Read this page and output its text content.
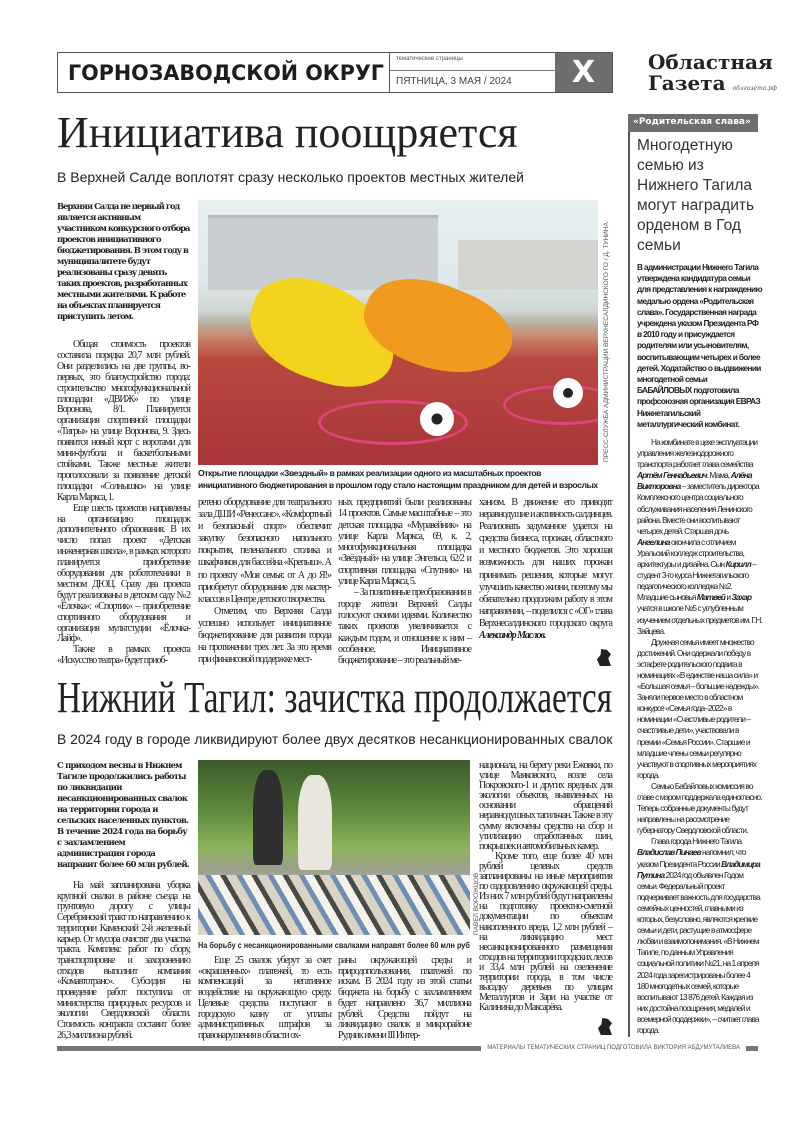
ГОРНОЗАВОДСКОЙ ОКРУГ
тематические страницы
ПЯТНИЦА, 3 МАЯ / 2024	X	Областная
Газета облгазета.рф
Инициатива поощряется
В Верхней Салде воплотят сразу несколько проектов местных жителей
Верхняя Салда не первый год является активным участником конкурсного отбора проектов инициативного бюджетирования. В этом году в муниципалитете будут реализованы сразу девять таких проектов, разработанных местными жителями. К работе на объектах планируется приступить летом.	ПРЕСС-СЛУЖБА АДМИНИСТРАЦИИ ВЕРХНЕСАЛДИНСКОГО ГО / Д. ТУНИНА
Открытие площадки «Звездный» в рамках реализации одного из масштабных проектов инициативного бюджетирования в прошлом году стало настоящим праздником для детей и взрослых

Общая стоимость проектов составила порядка 20,7 млн рублей. Они разделились на две группы, во-первых, это благоустройство города: строительство многофункциональной площадки «ДВИЖ» по улице Воронова, 8/1. Планируется организация спортивной площадки «Тигры» на улице Воронова, 9. Здесь появится новый корт с воротами для мини-футбола и баскетбольными стойками. Также местные жители проголосовали за появление детской площадки «Солнышко» на улице Карла Маркса, 1.

Еще шесть проектов направлены на организацию площадок дополнительного образования. В их число попал проект «Детская инженерная школа», в рамках которого планируется приобретение оборудования для робототехники в местном ДЮЦ. Сразу два проекта будут реализованы в детском саду №2 «Ёлочка»: «Спортик» – приобретение спортивного оборудования и организация мультстудии «Ёлочка-Лайф».

Также в рамках проекта «Искусство театра» будет приоб-

ретено оборудование для театрального зала ДШИ «Ренессанс». «Комфортный и безопасный спорт» обеспечит закупку безопасного напольного покрытия, пеленального столика и шкафчиков для бассейна «Крепыш». А по проекту «Моя семья: от А до Я!» приобретут оборудование для мастер-классов в Центре детского творчества.

Отметим, что Верхняя Салда успешно использует инициативное бюджетирование для развития города на протяжении трех лет. За это время при финансовой поддержке мест-

ных предприятий были реализованы 14 проектов. Самые масштабные – это детская площадка «Муравейник» на улице Карла Маркса, 69, к. 2, многофункциональная площадка «Звёздный» на улице Энгельса, 62/2 и спортивная площадка «Спутник» на улице Карла Маркса, 5.

– За позитивные преобразования в городе жители Верхней Салды голосуют своими идеями. Количество таких проектов увеличивается с каждым годом, и отношение к ним – особенное. Инициативное бюджетирование – это реальный ме-

ханизм. В движение его приводят неравнодушие и активность салдинцев. Реализовать задуманное удается на средства бизнеса, горожан, областного и местного бюджетов. Это хорошая возможность для наших горожан принимать решения, которые могут улучшить качество жизни, поэтому мы обязательно продолжим работу в этом направлении, – поделился с «ОГ» глава Верхнесалдинского городского округа Александр Маслов.

Нижний Тагил: зачистка продолжается
В 2024 году в городе ликвидируют более двух десятков несанкционированных свалок
С приходом весны в Нижнем Тагиле продолжились работы по ликвидации несанкционированных свалок на территории города и сельских населенных пунктов. В течение 2024 года на борьбу с захламлением администрация города направит более 60 млн рублей.
ПАВЕЛ ВОРОЖЦОВ
На борьбу с несанкционированными свалками направят более 60 млн руб

На май запланирована уборка крупной свалки в районе съезда на грунтовую дорогу с улицы Серебрянский тракт по направлению к территории Каменский 2-й железный карьер. От мусора очистят два участка тракта. Комплекс работ по сбору, транспортировке и захоронению отходов выполнит компания «Комавтотранс». Субсидия на проведение работ поступила от министерства природных ресурсов и экологии Свердловской области. Стоимость контракта составит более 26,3 миллиона рублей.

Еще 25 свалок уберут за счет «окрашенных» платежей, то есть компенсаций за негативное воздействие на окружающую среду. Целевые средства поступают в городскую казну от уплаты административных штрафов за правонарушения в области ох-

раны окружающей среды и природопользования, платежей по искам. В 2024 году из этой статьи бюджета на борьбу с захламлением будет направлено 36,7 миллиона рублей. Средства пойдут на ликвидацию свалок в микрорайоне Рудник имени III Интер-

национала, на берегу реки Ежовки, по улице Маяковского, возле села Покровского-1 и других вредных для экологии объектов, выявленных на основании обращений неравнодушных тагильчан. Также в эту сумму включены средства на сбор и утилизацию отработанных шин, покрышек и автомобильных камер.

Кроме того, еще более 40 млн рублей целевых средств запланированы на иные мероприятия по оздоровлению окружающей среды. Из них 7 млн рублей будут направлены на подготовку проектно-сметной документации по объектам накопленного вреда, 1,2 млн рублей – на ликвидацию мест несанкционированного размещения отходов на территории городских лесов и 33,4 млн рублей на озеленение территории города, в том числе высадку деревьев по улицам Металлургов и Зари на участке от Калинина до Максарёва.

«Родительская слава»
Многодетную семью из Нижнего Тагила могут наградить орденом в Год семьи
В администрации Нижнего Тагила утверждена кандидатура семьи для представления к награждению медалью ордена «Родительская слава». Государственная награда учреждена указом Президента РФ в 2010 году и присуждается родителям или усыновителям, воспитывающим четырех и более детей. Ходатайство о выдвижении многодетной семьи БАБАЙЛОВЫХ подготовила профсоюзная организация ЕВРАЗ Нижнетагильский металлургический комбинат.

На комбинате в цехе эксплуатации управления железнодорожного транспорта работает глава семейства Артём Геннадьевич. Мама, Алёна Викторовна – заместитель директора Комплексного центра социального обслуживания населения Ленинского района. Вместе они воспитывают четырех детей. Старшая дочь Ангелина окончила с отличием Уральский колледж строительства, архитектуры и дизайна. Сын Кирилл – студент 3-го курса Нижнетагильского педагогического колледжа №2. Младшие сыновья Матвей и Захар учатся в школе №5 с углубленным изучением отдельных предметов им. Г.Н. Зайцева.

Дружная семья имеет множество достижений. Они одержали победу в эстафете родительского подвига в номинациях «В единстве наша сила» и «Большая семья – большие надежды». Заняли первое место в областном конкурсе «Семья года–2022» в номинации «Счастливые родители – счастливые дети», участвовали в премии «Семья России». Старшие и младшие члены семьи регулярно участвуют в спортивных мероприятиях города.

Семью Бабайловых комиссия во главе с мэром поддержала единогласно. Теперь собранные документы будут направлены на рассмотрение губернатору Свердловской области.

Глава города Нижнего Тагила Владислав Пинаев напомнил, что указом Президента России Владимира Путина 2024 год объявлен Годом семьи. Федеральный проект подчеркивает важность для государства семейных ценностей, главными из которых, безусловно, являются крепкие семьи и дети, растущие в атмосфере любви и взаимопонимания. «В Нижнем Тагиле, по данным Управления социальной политики №21, на 1 апреля 2024 года зарегистрированы более 4 180 многодетных семей, которые воспитывают 13 876 детей. Каждая из них достойна поощрения, медалей и всемерной поддержки», – считает глава города.

МАТЕРИАЛЫ ТЕМАТИЧЕСКИХ СТРАНИЦ ПОДГОТОВИЛА ВИКТОРИЯ АБДУМУТАЛИЕВА
